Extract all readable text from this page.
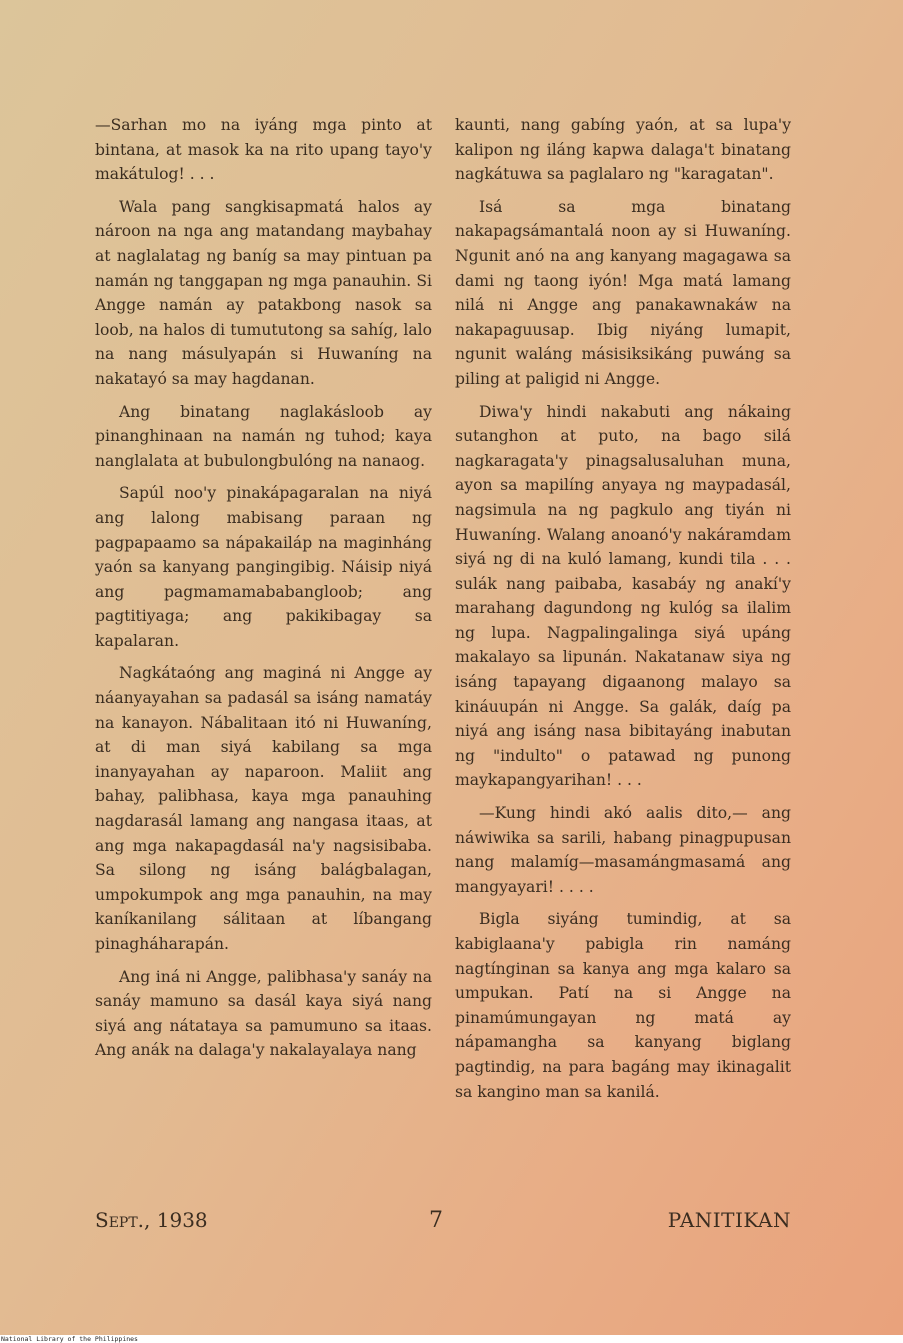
—Sarhan mo na iyáng mga pinto at bintana, at masok ka na rito upang tayo'y makátulog! . . .

Wala pang sangkisapmatá halos ay nároon na nga ang matandang maybahay at naglalatag ng baníg sa may pintuan pa namán ng tanggapan ng mga panauhin. Si Angge namán ay patakbong nasok sa loob, na halos di tumututong sa sahíg, lalo na nang másulyapán si Huwaníng na nakatayó sa may hagdanan.

Ang binatang naglakásloob ay pinanghinaan na namán ng tuhod; kaya nanglalata at bubulongbulóng na nanaog.

Sapúl noo'y pinakápagaralan na niyá ang lalong mabisang paraan ng pagpapaamo sa nápakailáp na maginháng yaón sa kanyang pangingibig. Náisip niyá ang pagmamamababangloob; ang pagtitiyaga; ang pakikibagay sa kapalaran.

Nagkátaóng ang maginá ni Angge ay náanyayahan sa padasál sa isáng namatáy na kanayon. Nábalitaan itó ni Huwaníng, at di man siyá kabilang sa mga inanyayahan ay naparoon. Maliit ang bahay, palibhasa, kaya mga panauhing nagdarasál lamang ang nangasa itaas, at ang mga nakapagdasál na'y nagsisibaba. Sa silong ng isáng balágbalagan, umpokumpok ang mga panauhin, na may kaníkanilang sálitaan at líbangang pinagháharapán.

Ang iná ni Angge, palibhasa'y sanáy na sanáy mamuno sa dasál kaya siyá nang siyá ang nátataya sa pamumuno sa itaas. Ang anák na dalaga'y nakalayalaya nang

kaunti, nang gabíng yaón, at sa lupa'y kalipon ng iláng kapwa dalaga't binatang nagkátuwa sa paglalaro ng "karagatan".

Isá sa mga binatang nakapagsámantalá noon ay si Huwaníng. Ngunit anó na ang kanyang magagawa sa dami ng taong iyón! Mga matá lamang nilá ni Angge ang panakawnakáw na nakapaguusap. Ibig niyáng lumapit, ngunit waláng másisiksikáng puwáng sa piling at paligid ni Angge.

Diwa'y hindi nakabuti ang nákaing sutanghon at puto, na bago silá nagkaragata'y pinagsalusaluhan muna, ayon sa mapilíng anyaya ng maypadasál, nagsimula na ng pagkulo ang tiyán ni Huwaníng. Walang anoanó'y nakáramdam siyá ng di na kuló lamang, kundi tila . . . sulák nang paibaba, kasabáy ng anakí'y marahang dagundong ng kulóg sa ilalim ng lupa. Nagpalingalinga siyá upáng makalayo sa lipunán. Nakatanaw siya ng isáng tapayang digaanong malayo sa kináuupán ni Angge. Sa galák, daíg pa niyá ang isáng nasa bibitayáng inabutan ng "indulto" o patawad ng punong maykapangyarihan! . . .

—Kung hindi akó aalis dito,— ang náwiwika sa sarili, habang pinagpupusan nang malamíg—masamángmasamá ang mangyayari! . . . .

Bigla siyáng tumindig, at sa kabiglaana'y pabigla rin namáng nagtínginan sa kanya ang mga kalaro sa umpukan. Patí na si Angge na pinamúmungayan ng matá ay nápamangha sa kanyang biglang pagtindig, na para bagáng may ikinagalit sa kangino man sa kanilá.

Sept., 1938	7	PANITIKAN
National Library of the Philippines
